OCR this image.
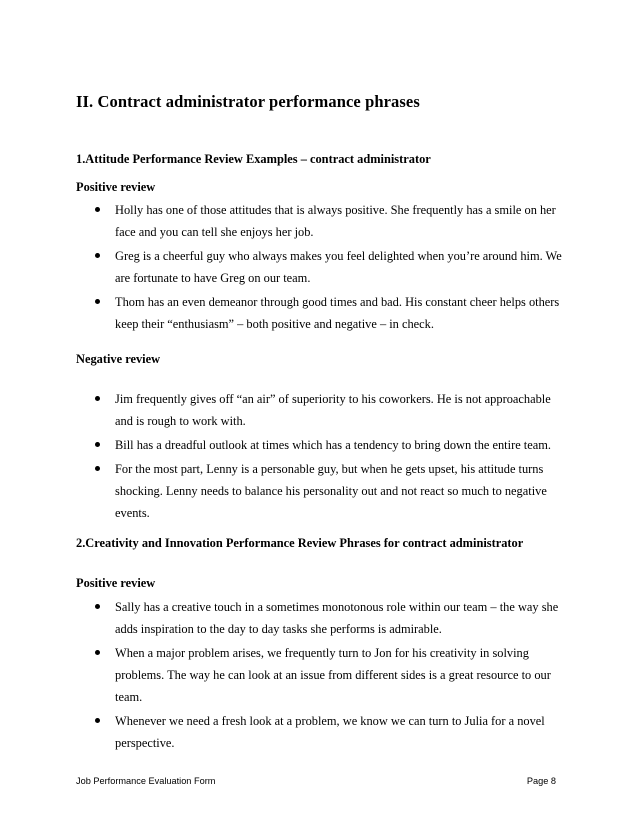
II. Contract administrator performance phrases
1.Attitude Performance Review Examples – contract administrator
Positive review
Holly has one of those attitudes that is always positive. She frequently has a smile on her face and you can tell she enjoys her job.
Greg is a cheerful guy who always makes you feel delighted when you’re around him. We are fortunate to have Greg on our team.
Thom has an even demeanor through good times and bad. His constant cheer helps others keep their “enthusiasm” – both positive and negative – in check.
Negative review
Jim frequently gives off “an air” of superiority to his coworkers. He is not approachable and is rough to work with.
Bill has a dreadful outlook at times which has a tendency to bring down the entire team.
For the most part, Lenny is a personable guy, but when he gets upset, his attitude turns shocking. Lenny needs to balance his personality out and not react so much to negative events.
2.Creativity and Innovation Performance Review Phrases for contract administrator
Positive review
Sally has a creative touch in a sometimes monotonous role within our team – the way she adds inspiration to the day to day tasks she performs is admirable.
When a major problem arises, we frequently turn to Jon for his creativity in solving problems. The way he can look at an issue from different sides is a great resource to our team.
Whenever we need a fresh look at a problem, we know we can turn to Julia for a novel perspective.
Job Performance Evaluation Form	Page 8
